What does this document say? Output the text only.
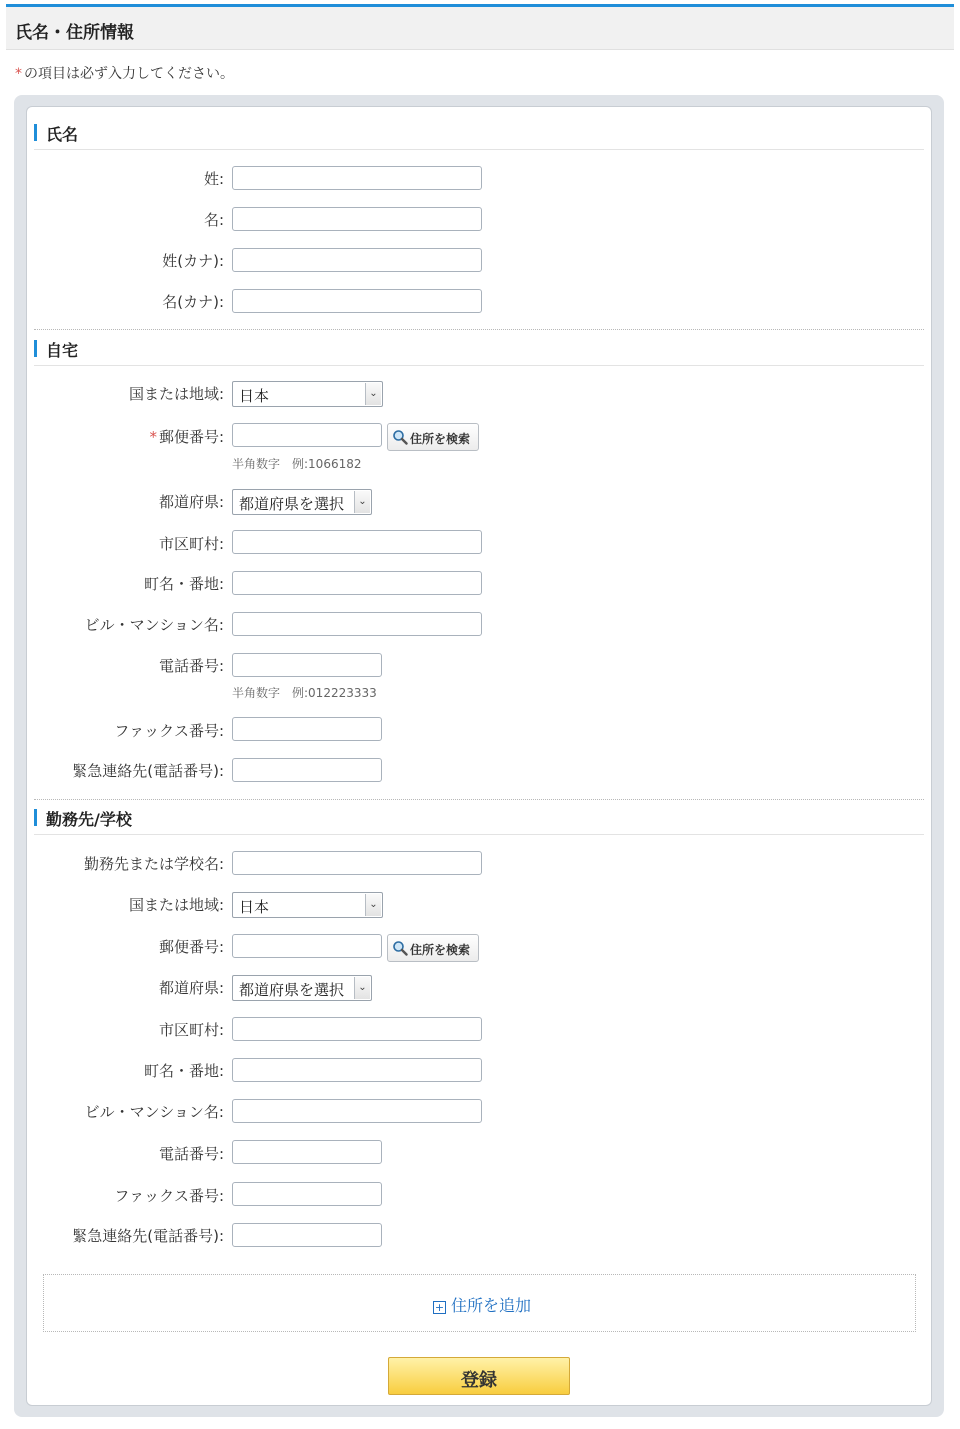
氏名・住所情報
* の項目は必ず入力してください。
氏名
姓:
名:
姓(カナ):
名(カナ):
自宅
国または地域: 日本	⌄
* 郵便番号:	住所を検索
半角数字　例:1066182
都道府県: 都道府県を選択	⌄
市区町村:
町名・番地:
ビル・マンション名:
電話番号:
半角数字　例:012223333
ファックス番号:
緊急連絡先(電話番号):
勤務先/学校
勤務先または学校名:
国または地域: 日本	⌄
郵便番号:	住所を検索
都道府県: 都道府県を選択	⌄
市区町村:
町名・番地:
ビル・マンション名:
電話番号:
ファックス番号:
緊急連絡先(電話番号):
+ 住所を追加
登録
